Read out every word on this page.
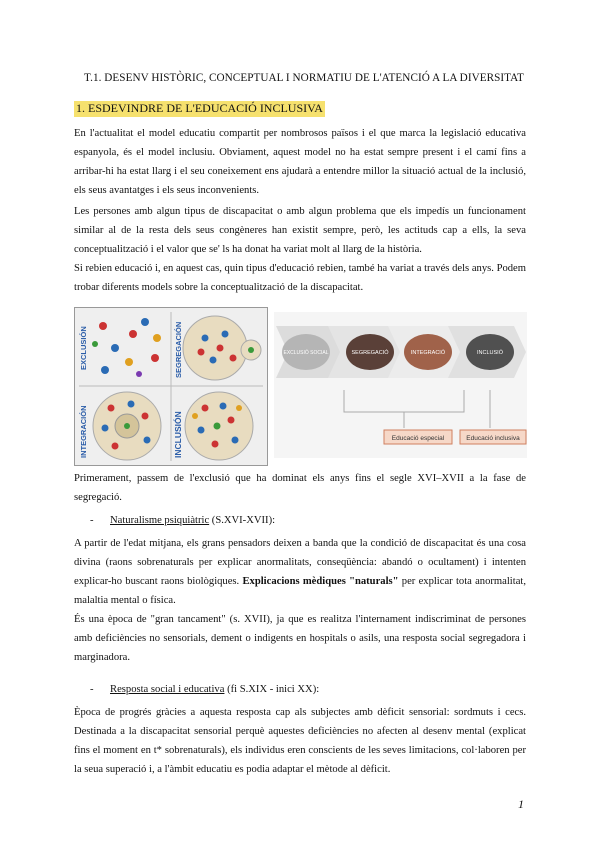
T.1. DESENV HISTÒRIC, CONCEPTUAL I NORMATIU DE L'ATENCIÓ A LA DIVERSITAT
1. ESDEVINDRE DE L'EDUCACIÓ INCLUSIVA
En l'actualitat el model educatiu compartit per nombrosos països i el que marca la legislació educativa espanyola, és el model inclusiu. Obviament, aquest model no ha estat sempre present i el camí fins a arribar-hi ha estat llarg i el seu coneixement ens ajudarà a entendre millor la situació actual de la inclusió, els seus avantatges i els seus inconvenients.
Les persones amb algun tipus de discapacitat o amb algun problema que els impedís un funcionament similar al de la resta dels seus congèneres han existit sempre, però, les actituds cap a ells, la seva conceptualització i el valor que se' ls ha donat ha variat molt al llarg de la història.
Si rebien educació i, en aquest cas, quin tipus d'educació rebien, també ha variat a través dels anys. Podem trobar diferents models sobre la conceptualització de la discapacitat.
EXCLUSIÓN	SEGREGACIÓN
INTEGRACIÓN	INCLUSIÓN
EXCLUSIÓ SOCIAL	SEGREGACIÓ	INTEGRACIÓ	INCLUSIÓ
Educació especial	Educació inclusiva
Primerament, passem de l'exclusió que ha dominat els anys fins el segle XVI–XVII a la fase de segregació.
- Naturalisme psiquiàtric (S.XVI-XVII):
A partir de l'edat mitjana, els grans pensadors deixen a banda que la condició de discapacitat és una cosa divina (raons sobrenaturals per explicar anormalitats, conseqüència: abandó o ocultament) i intenten explicar-ho buscant raons biològiques. Explicacions mèdiques "naturals" per explicar tota anormalitat, malaltia mental o física.
És una època de "gran tancament" (s. XVII), ja que es realitza l'internament indiscriminat de persones amb deficiències no sensorials, dement o indigents en hospitals o asils, una resposta social segregadora i marginadora.
- Resposta social i educativa (fi S.XIX - inici XX):
Època de progrés gràcies a aquesta resposta cap als subjectes amb dèficit sensorial: sordmuts i cecs. Destinada a la discapacitat sensorial perquè aquestes deficiències no afecten al desenv mental (explicat fins el moment en t* sobrenaturals), els individus eren conscients de les seves limitacions, col·laboren per la seua superació i, a l'àmbit educatiu es podia adaptar el mètode al dèficit.
1
